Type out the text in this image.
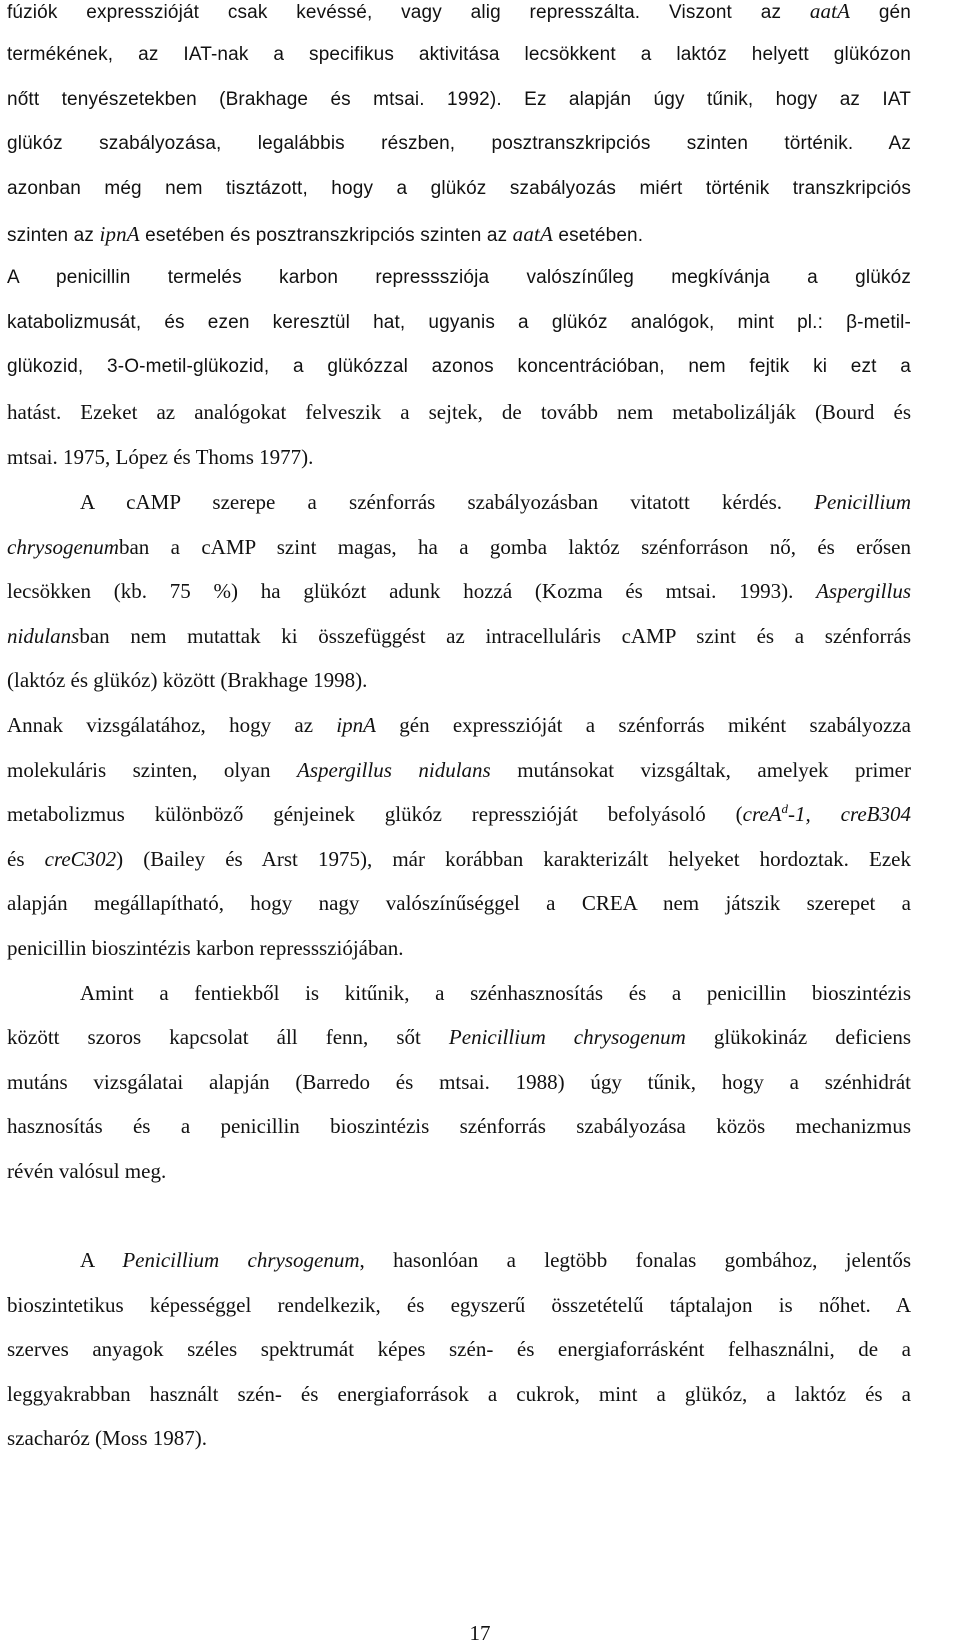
fúziók expresszióját csak kevéssé, vagy alig represszálta. Viszont az aatA gén
termékének, az IAT-nak a specifikus aktivitása lecsökkent a laktóz helyett glükózon
nőtt tenyészetekben (Brakhage és mtsai. 1992). Ez alapján úgy tűnik, hogy az IAT
glükóz szabályozása, legalábbis részben, posztranszkripciós szinten történik. Az
azonban még nem tisztázott, hogy a glükóz szabályozás miért történik transzkripciós
szinten az ipnA esetében és posztranszkripciós szinten az aatA esetében.
A penicillin termelés karbon represssziója valószínűleg megkívánja a glükóz
katabolizmusát, és ezen keresztül hat, ugyanis a glükóz analógok, mint pl.: β-metil-
glükozid, 3-O-metil-glükozid, a glükózzal azonos koncentrációban, nem fejtik ki ezt a
hatást. Ezeket az analógokat felveszik a sejtek, de tovább nem metabolizálják (Bourd és
mtsai. 1975, López és Thoms 1977).
A cAMP szerepe a szénforrás szabályozásban vitatott kérdés. Penicillium
chrysogenumban a cAMP szint magas, ha a gomba laktóz szénforráson nő, és erősen
lecsökken (kb. 75 %) ha glükózt adunk hozzá (Kozma és mtsai. 1993). Aspergillus
nidulansban nem mutattak ki összefüggést az intracelluláris cAMP szint és a szénforrás
(laktóz és glükóz) között (Brakhage 1998).
Annak vizsgálatához, hogy az ipnA gén expresszióját a szénforrás miként szabályozza
molekuláris szinten, olyan Aspergillus nidulans mutánsokat vizsgáltak, amelyek primer
metabolizmus különböző génjeinek glükóz represszióját befolyásoló (creA$^d$-1, creB304
és creC302) (Bailey és Arst 1975), már korábban karakterizált helyeket hordoztak. Ezek
alapján megállapítható, hogy nagy valószínűséggel a CREA nem játszik szerepet a
penicillin bioszintézis karbon represssziójában.
Amint a fentiekből is kitűnik, a szénhasznosítás és a penicillin bioszintézis
között szoros kapcsolat áll fenn, sőt Penicillium chrysogenum glükokináz deficiens
mutáns vizsgálatai alapján (Barredo és mtsai. 1988) úgy tűnik, hogy a szénhidrát
hasznosítás és a penicillin bioszintézis szénforrás szabályozása közös mechanizmus
révén valósul meg.
A Penicillium chrysogenum, hasonlóan a legtöbb fonalas gombához, jelentős
bioszintetikus képességgel rendelkezik, és egyszerű összetételű táptalajon is nőhet. A
szerves anyagok széles spektrumát képes szén- és energiaforrásként felhasználni, de a
leggyakrabban használt szén- és energiaforrások a cukrok, mint a glükóz, a laktóz és a
szacharóz (Moss 1987).
17
